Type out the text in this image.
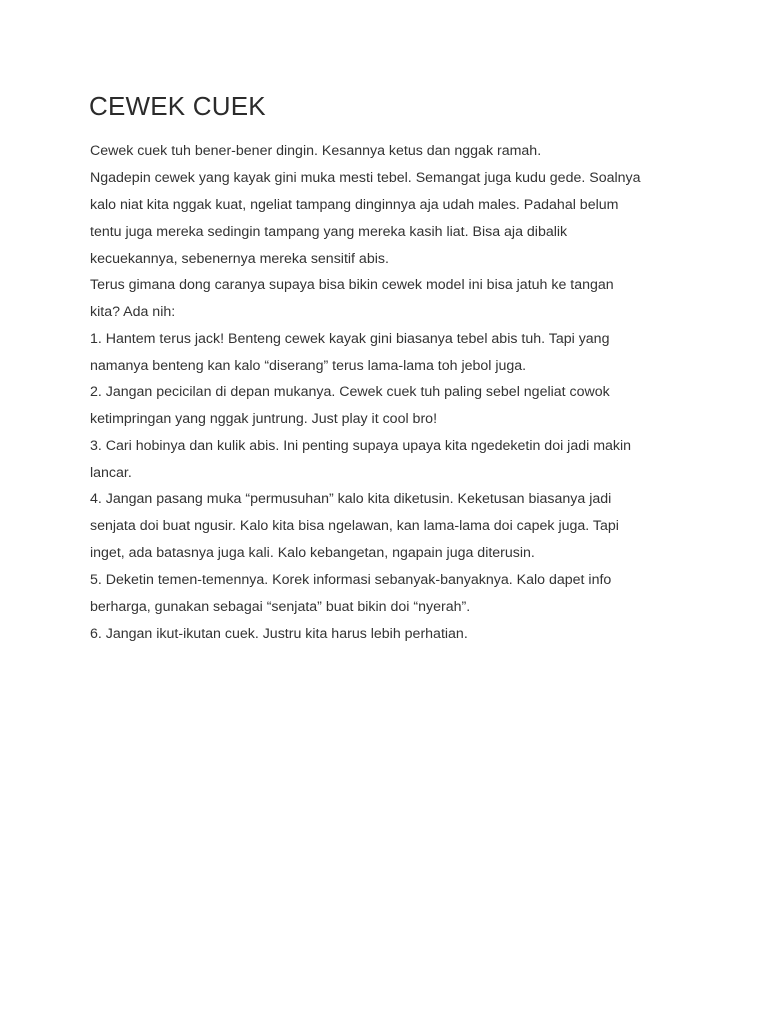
CEWEK CUEK

Cewek cuek tuh bener-bener dingin. Kesannya ketus dan nggak ramah.

Ngadepin cewek yang kayak gini muka mesti tebel. Semangat juga kudu gede. Soalnya

kalo niat kita nggak kuat, ngeliat tampang dinginnya aja udah males. Padahal belum

tentu juga mereka sedingin tampang yang mereka kasih liat. Bisa aja dibalik

kecuekannya, sebenernya mereka sensitif abis.

Terus gimana dong caranya supaya bisa bikin cewek model ini bisa jatuh ke tangan

kita? Ada nih:

1. Hantem terus jack! Benteng cewek kayak gini biasanya tebel abis tuh. Tapi yang

namanya benteng kan kalo “diserang” terus lama-lama toh jebol juga.

2. Jangan pecicilan di depan mukanya. Cewek cuek tuh paling sebel ngeliat cowok

ketimpringan yang nggak juntrung. Just play it cool bro!

3. Cari hobinya dan kulik abis. Ini penting supaya upaya kita ngedeketin doi jadi makin

lancar.

4. Jangan pasang muka “permusuhan” kalo kita diketusin. Keketusan biasanya jadi

senjata doi buat ngusir. Kalo kita bisa ngelawan, kan lama-lama doi capek juga. Tapi

inget, ada batasnya juga kali. Kalo kebangetan, ngapain juga diterusin.

5. Deketin temen-temennya. Korek informasi sebanyak-banyaknya. Kalo dapet info

berharga, gunakan sebagai “senjata” buat bikin doi “nyerah”.

6. Jangan ikut-ikutan cuek. Justru kita harus lebih perhatian.
